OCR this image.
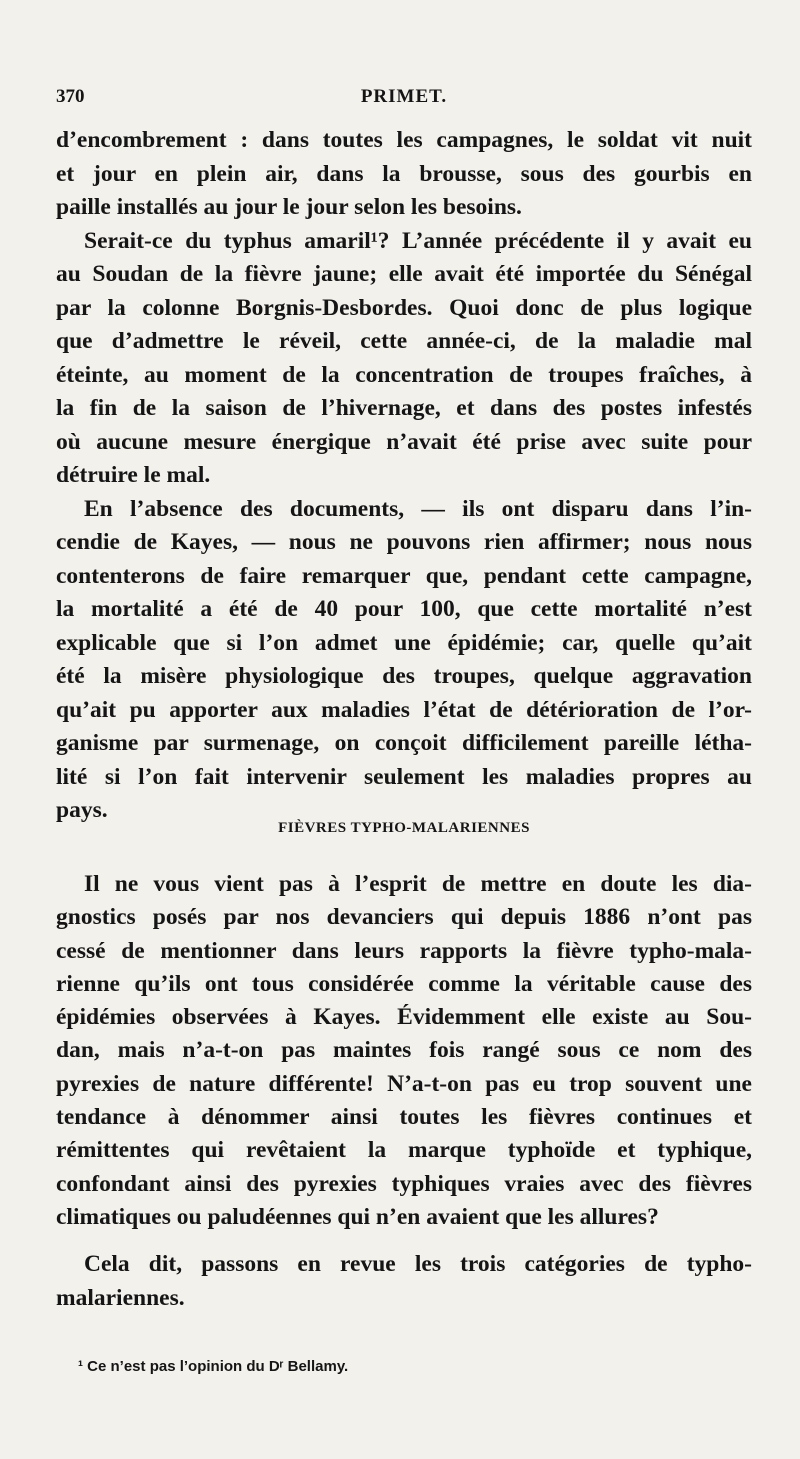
370	PRIMET.
d’encombrement : dans toutes les campagnes, le soldat vit nuit
et jour en plein air, dans la brousse, sous des gourbis en
paille installés au jour le jour selon les besoins.
Serait-ce du typhus amaril¹? L’année précédente il y avait eu
au Soudan de la fièvre jaune; elle avait été importée du Sénégal
par la colonne Borgnis-Desbordes. Quoi donc de plus logique
que d’admettre le réveil, cette année-ci, de la maladie mal
éteinte, au moment de la concentration de troupes fraîches, à
la fin de la saison de l’hivernage, et dans des postes infestés
où aucune mesure énergique n’avait été prise avec suite pour
détruire le mal.
En l’absence des documents, — ils ont disparu dans l’in-
cendie de Kayes, — nous ne pouvons rien affirmer; nous nous
contenterons de faire remarquer que, pendant cette campagne,
la mortalité a été de 40 pour 100, que cette mortalité n’est
explicable que si l’on admet une épidémie; car, quelle qu’ait
été la misère physiologique des troupes, quelque aggravation
qu’ait pu apporter aux maladies l’état de détérioration de l’or-
ganisme par surmenage, on conçoit difficilement pareille létha-
lité si l’on fait intervenir seulement les maladies propres au
pays.
FIÈVRES TYPHO-MALARIENNES
Il ne vous vient pas à l’esprit de mettre en doute les dia-
gnostics posés par nos devanciers qui depuis 1886 n’ont pas
cessé de mentionner dans leurs rapports la fièvre typho-mala-
rienne qu’ils ont tous considérée comme la véritable cause des
épidémies observées à Kayes. Évidemment elle existe au Sou-
dan, mais n’a-t-on pas maintes fois rangé sous ce nom des
pyrexies de nature différente! N’a-t-on pas eu trop souvent une
tendance à dénommer ainsi toutes les fièvres continues et
rémittentes qui revêtaient la marque typhoïde et typhique,
confondant ainsi des pyrexies typhiques vraies avec des fièvres
climatiques ou paludéennes qui n’en avaient que les allures?
Cela dit, passons en revue les trois catégories de typho-
malariennes.
¹ Ce n’est pas l’opinion du Dʳ Bellamy.
